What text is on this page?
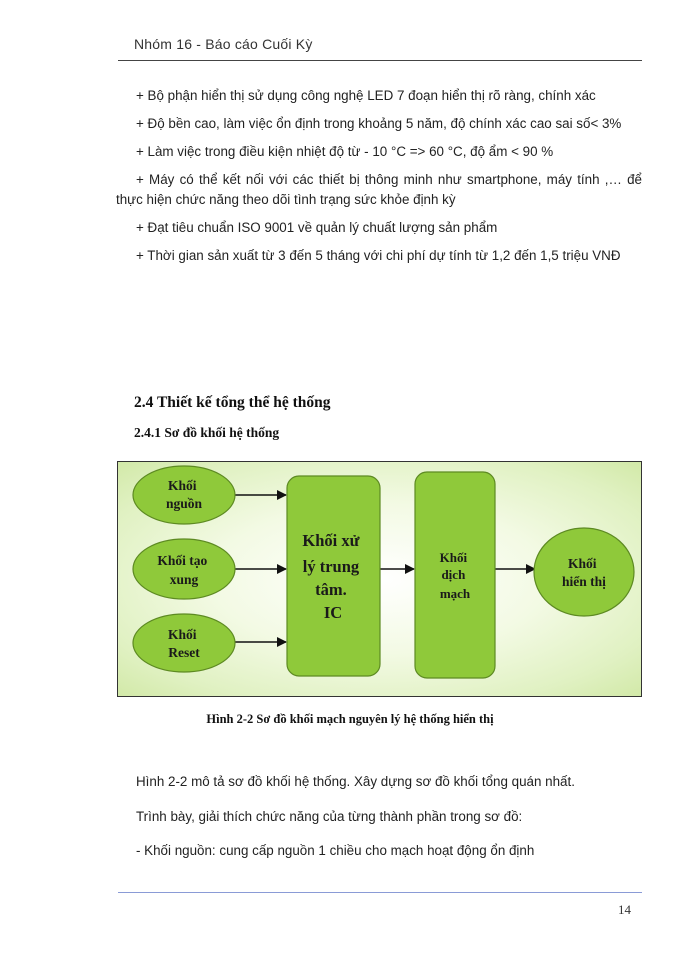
Nhóm 16 - Báo cáo Cuối Kỳ

+ Bộ phận hiển thị sử dụng công nghệ LED 7 đoạn hiển thị rõ ràng, chính xác

+ Độ bền cao, làm việc ổn định trong khoảng 5 năm, độ chính xác cao sai số< 3%

+ Làm việc trong điều kiện nhiệt độ từ - 10 °C => 60 °C, độ ẩm < 90 %

+ Máy có thể kết nối với các thiết bị thông minh như smartphone, máy tính ,… để thực hiện chức năng theo dõi tình trạng sức khỏe định kỳ

+ Đạt tiêu chuẩn ISO 9001 về quản lý chuất lượng sản phẩm

+ Thời gian sản xuất từ 3 đến 5 tháng với chi phí dự tính từ 1,2 đến 1,5 triệu VNĐ

2.4 Thiết kế tổng thể hệ thống
2.4.1 Sơ đồ khối hệ thống
Khối nguồn
Khối tạo xung
Khối Reset
Khối xử lý trung tâm. IC
Khối dịch mạch
Khối hiển thị
Hình 2-2 Sơ đồ khối mạch nguyên lý hệ thống hiển thị
Hình 2-2 mô tả sơ đồ khối hệ thống. Xây dựng sơ đồ khối tổng quán nhất.
Trình bày, giải thích chức năng của từng thành phần trong sơ đồ:
- Khối nguồn: cung cấp nguồn 1 chiều cho mạch hoạt động ổn định
14
